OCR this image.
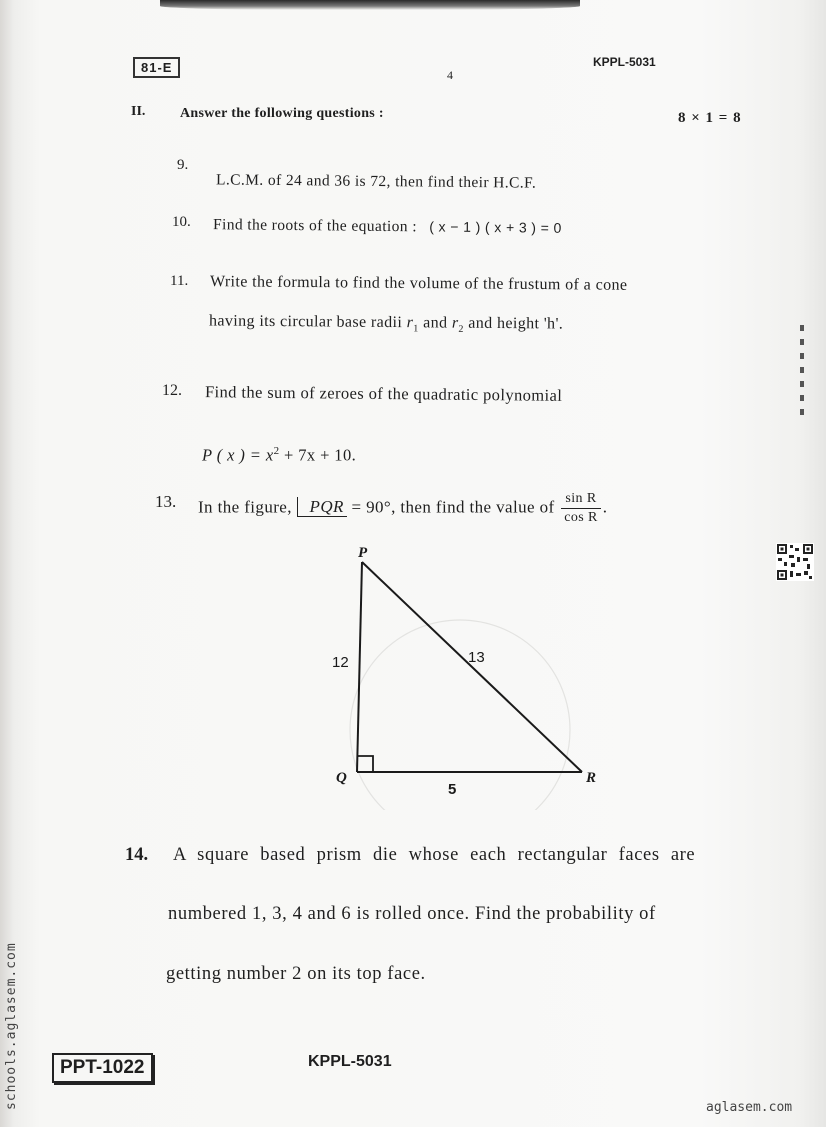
81-E	4
KPPL-5031
II. Answer the following questions :	8 × 1 = 8
9.
L.C.M. of 24 and 36 is 72, then find their H.C.F.
10. Find the roots of the equation : ( x − 1 ) ( x + 3 ) = 0
11. Write the formula to find the volume of the frustum of a cone
having its circular base radii $r_1$ and $r_2$ and height 'h'.
12. Find the sum of zeroes of the quadratic polynomial
P ( x ) = $x^2 + 7x + 10$.
13. In the figure, PQR = 90°, then find the value of $\frac{\text{sin R}}{\text{cos R}}$ .
P
Q	R
12	13
5
14. A square based prism die whose each rectangular faces are
numbered 1, 3, 4 and 6 is rolled once. Find the probability of
getting number 2 on its top face.
PPT-1022	KPPL-5031
schools.aglasem.com	aglasem.com
